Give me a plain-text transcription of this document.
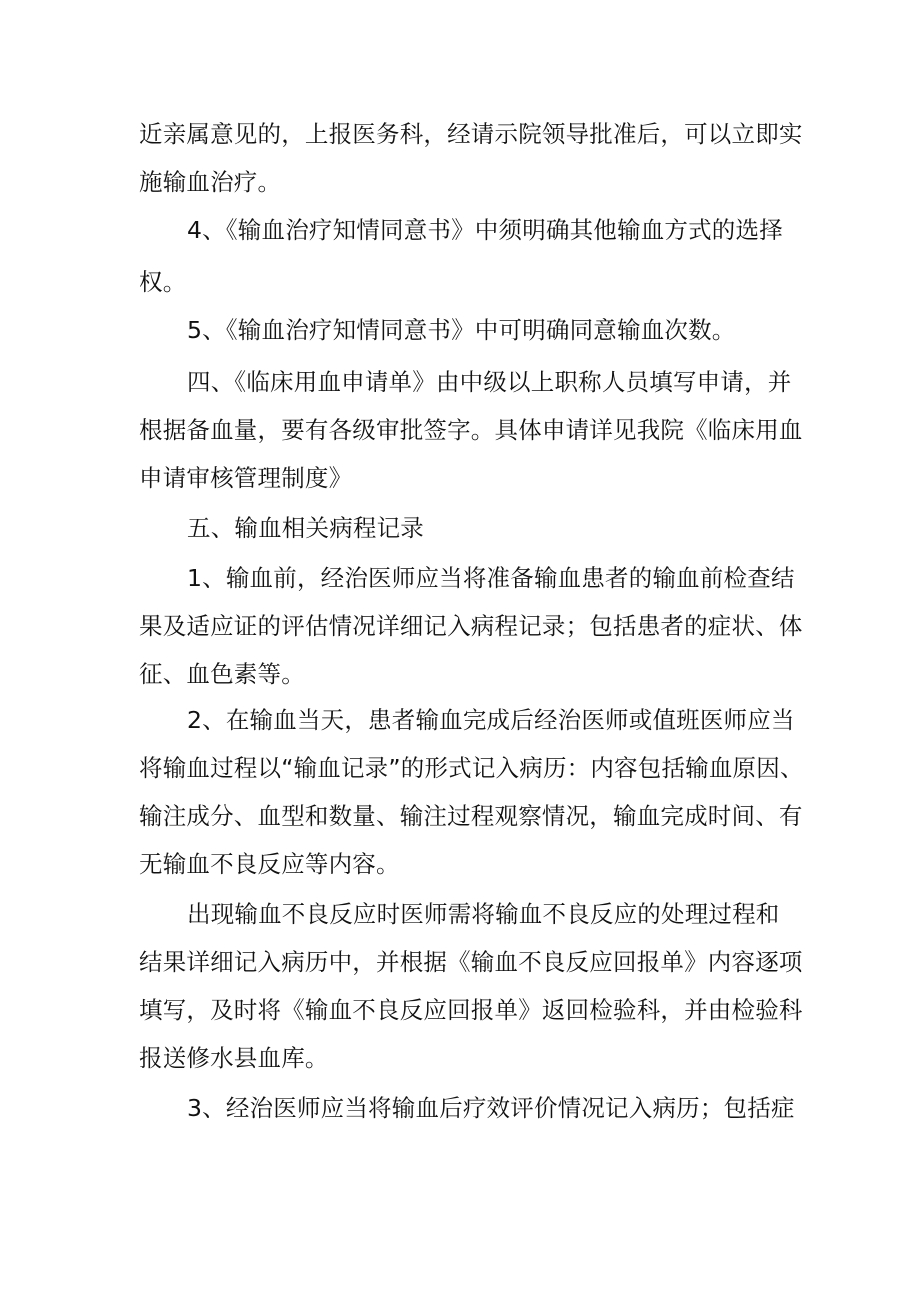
近亲属意见的，上报医务科，经请示院领导批准后，可以立即实
施输血治疗。
4、《输血治疗知情同意书》中须明确其他输血方式的选择
权。
5、《输血治疗知情同意书》中可明确同意输血次数。
四、《临床用血申请单》由中级以上职称人员填写申请，并
根据备血量，要有各级审批签字。具体申请详见我院《临床用血
申请审核管理制度》
五、输血相关病程记录
1、输血前，经治医师应当将准备输血患者的输血前检查结
果及适应证的评估情况详细记入病程记录；包括患者的症状、体
征、血色素等。
2、在输血当天，患者输血完成后经治医师或值班医师应当
将输血过程以“输血记录”的形式记入病历：内容包括输血原因、
输注成分、血型和数量、输注过程观察情况，输血完成时间、有
无输血不良反应等内容。
出现输血不良反应时医师需将输血不良反应的处理过程和
结果详细记入病历中，并根据《输血不良反应回报单》内容逐项
填写，及时将《输血不良反应回报单》返回检验科，并由检验科
报送修水县血库。
3、经治医师应当将输血后疗效评价情况记入病历；包括症
